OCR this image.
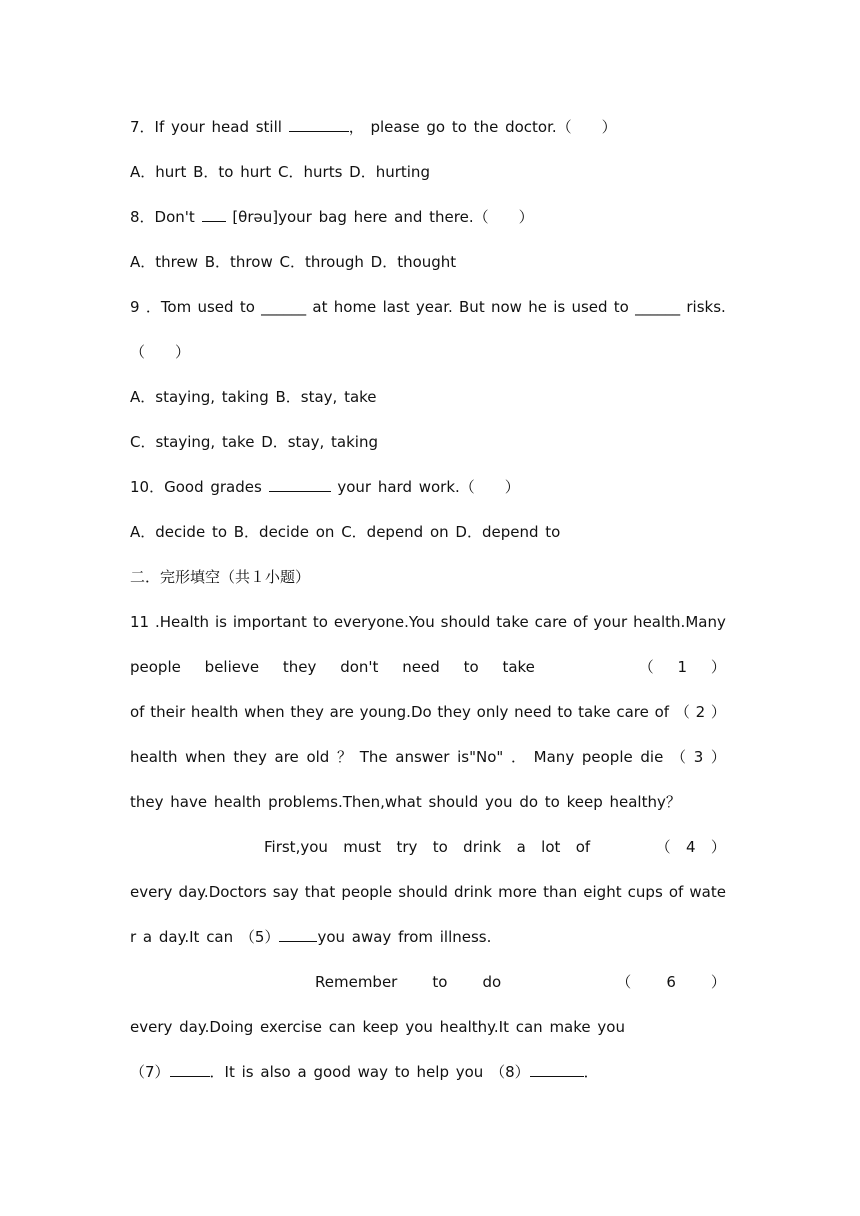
7．If your head still	， please go to the doctor.（　　）
A．hurt B．to hurt C．hurts D．hurting
8．Don't  [θrəu]your bag here and there.（　　）
A．threw B．throw C．through D．thought
9 ．Tom used to ______ at home last year. But now he is used to ______ risks.
（　　）
A．staying, taking B．stay, take
C．staying, take D．stay, taking
10．Good grades	your hard work.（　　）
A．decide to B．decide on C．depend on D．depend to
二．完形填空（共１小题）
11 .Health is important to everyone.You should take care of your health.Many
people believe they don't need to take	（ 1 ）
of their health when they are young.Do they only need to take care of （ 2 ）
health when they are old ？ The answer is"No" ． Many people die （ 3 ）
they have health problems.Then,what should you do to keep healthy？
First,you must try to drink a lot of	（ 4 ）
every day.Doctors say that people should drink more than eight cups of wate
r a day.It can （5）	you away from illness.
Remember to do	（ 6 ）
every day.Doing exercise can keep you healthy.It can make you
（7）	．It is also a good way to help you （8）	．
